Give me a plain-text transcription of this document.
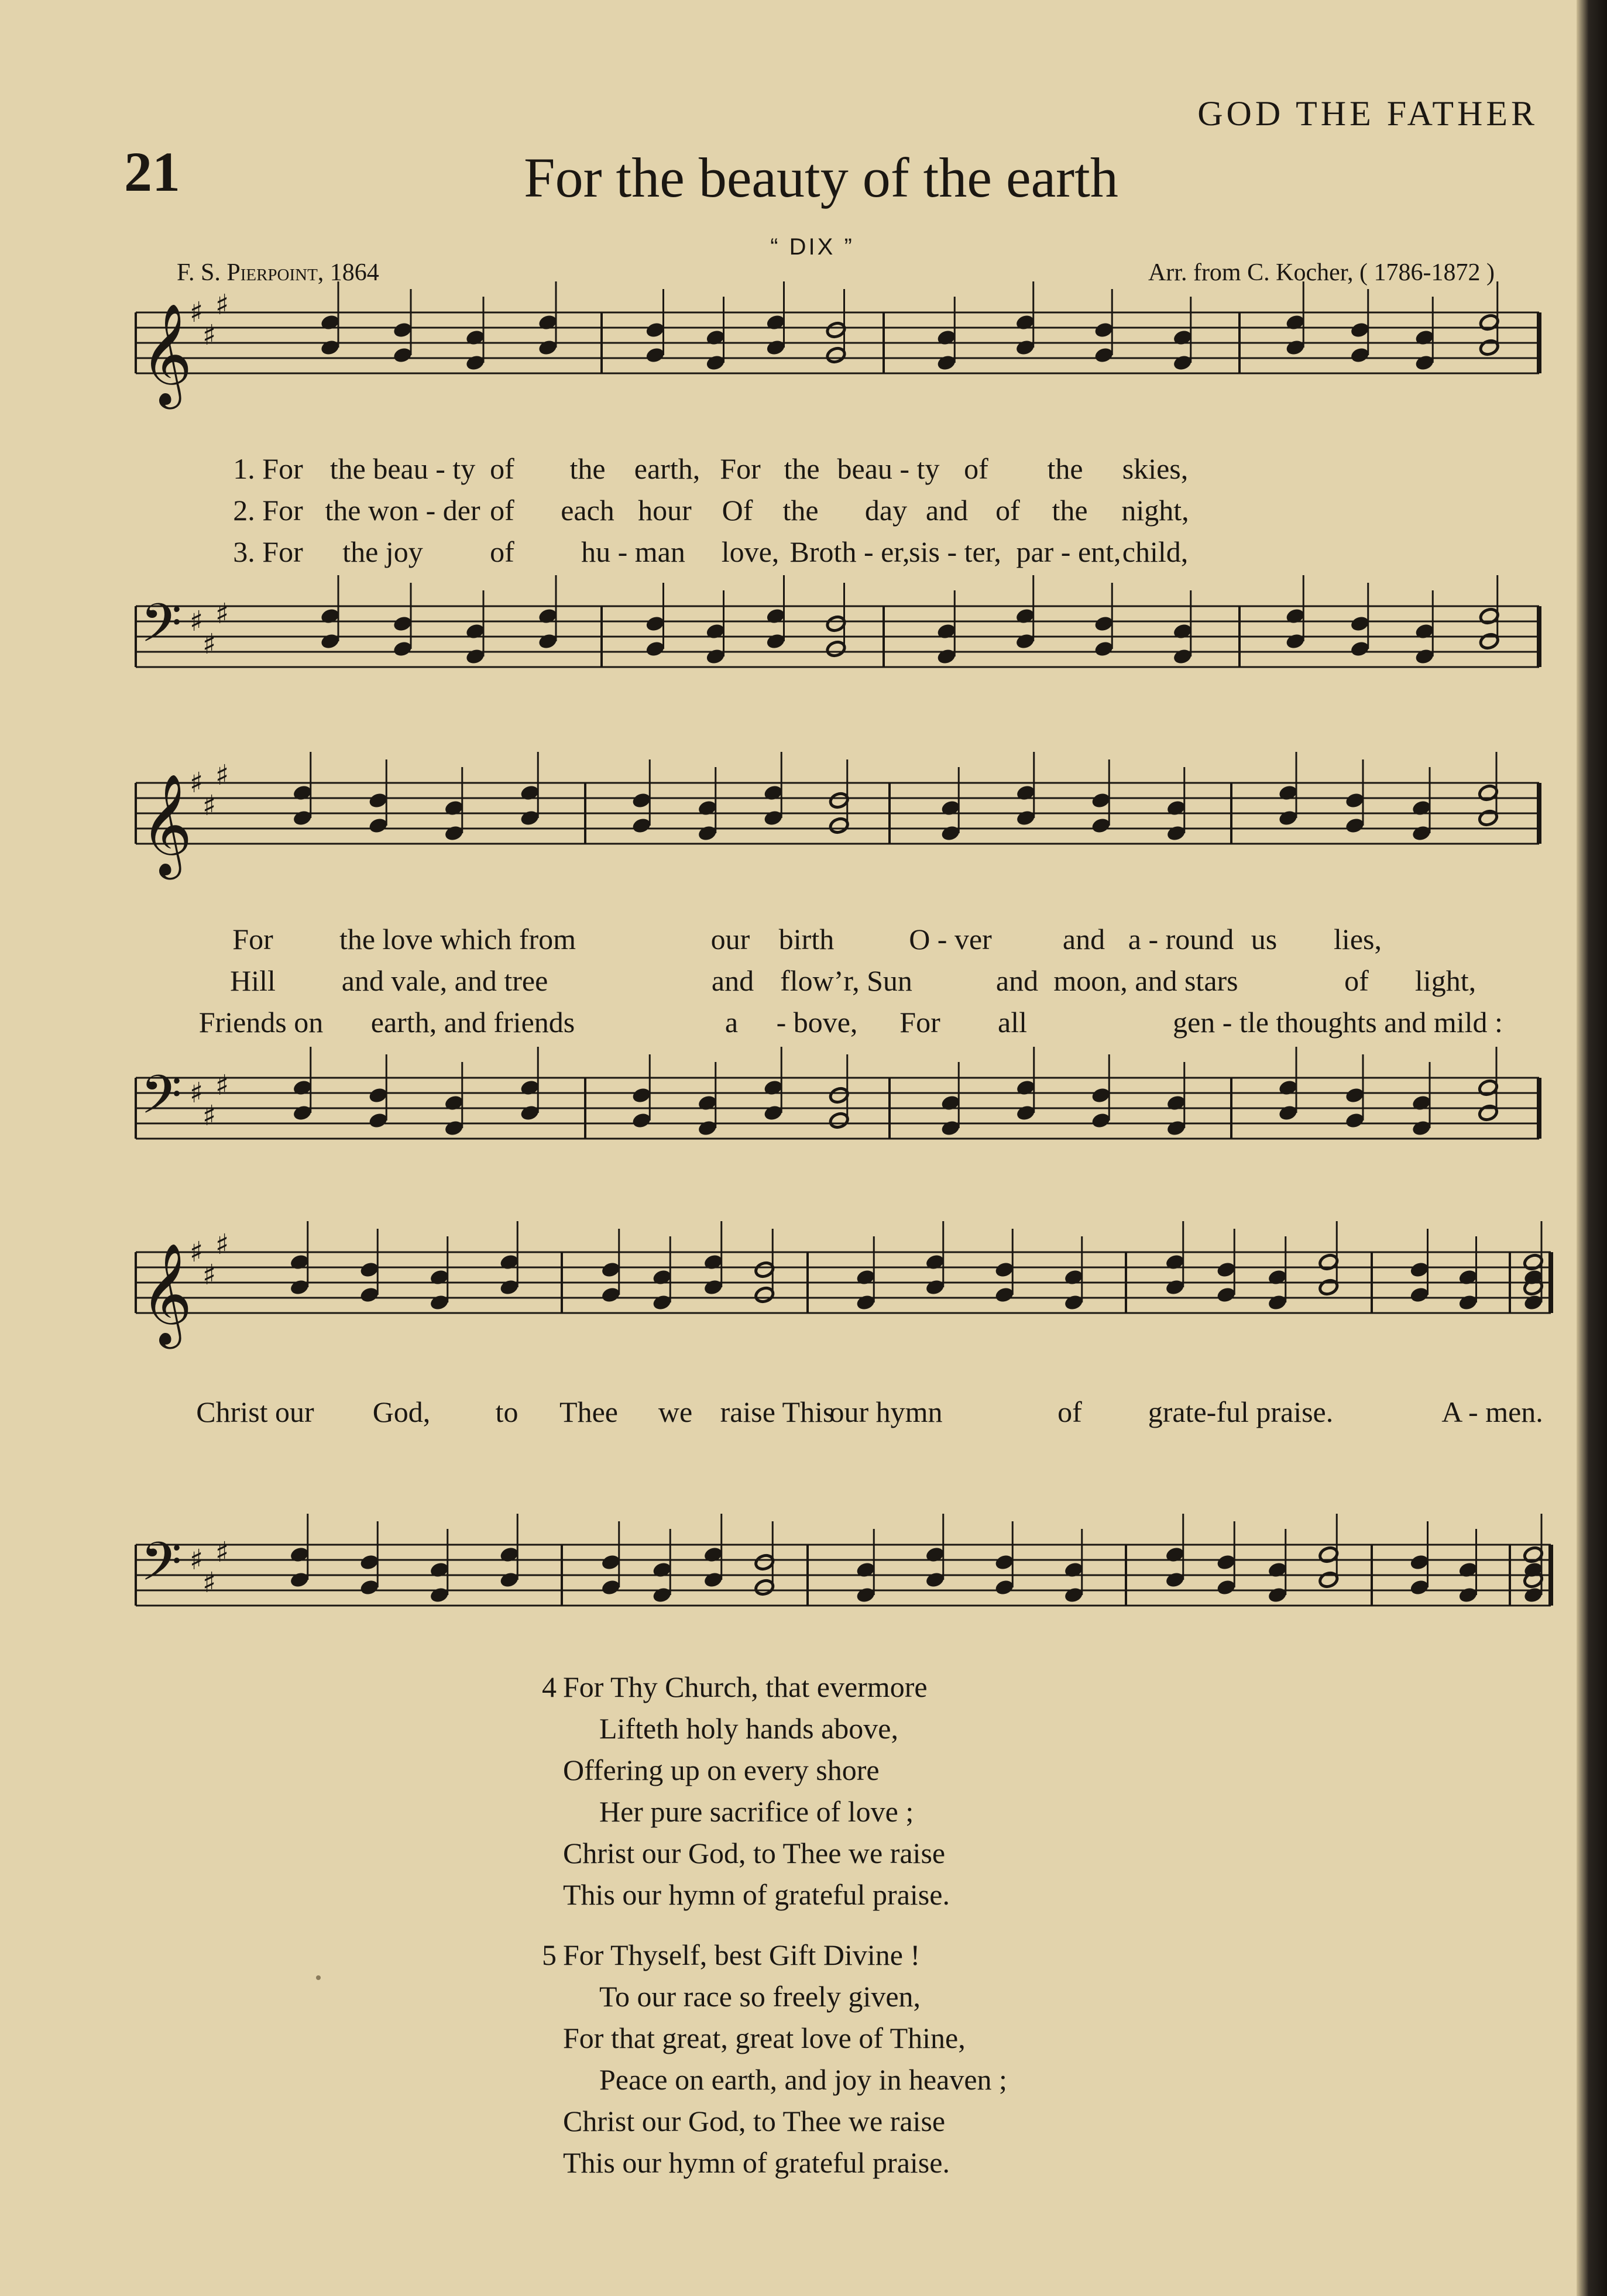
GOD THE FATHER
21	For the beauty of the earth
“ DIX ”
F. S. Pierpoint, 1864	Arr. from C. Kocher, ( 1786-1872 )
𝄞
♯
♯
♯
𝄢 ♯
♯
♯
𝄞
♯
♯
♯
𝄢 ♯
♯
♯
𝄞
♯
♯
♯
𝄢 ♯
♯
♯
1. For the beau - ty of the earth, For the beau - ty of the skies,
2. For the won - der of each hour Of the day and of the night,
3. For the joy of hu - man love, Broth - er,
sis - ter, par - ent, child,
For the love which from	our birth	O - ver and a - round us lies,
Hill and vale, and tree	and flow’r, Sun	and moon, and stars	of light,
Friends on earth, and friends	a - bove, For all	gen - tle thoughts and mild :
Christ our God, to Thee we raise This
our hymn	of grate-ful praise.	A - men.
4 For Thy Church, that evermore
Lifteth holy hands above,
Offering up on every shore
Her pure sacrifice of love ;
Christ our God, to Thee we raise
This our hymn of grateful praise.
5 For Thyself, best Gift Divine !
To our race so freely given,
For that great, great love of Thine,
Peace on earth, and joy in heaven ;
Christ our God, to Thee we raise
This our hymn of grateful praise.
